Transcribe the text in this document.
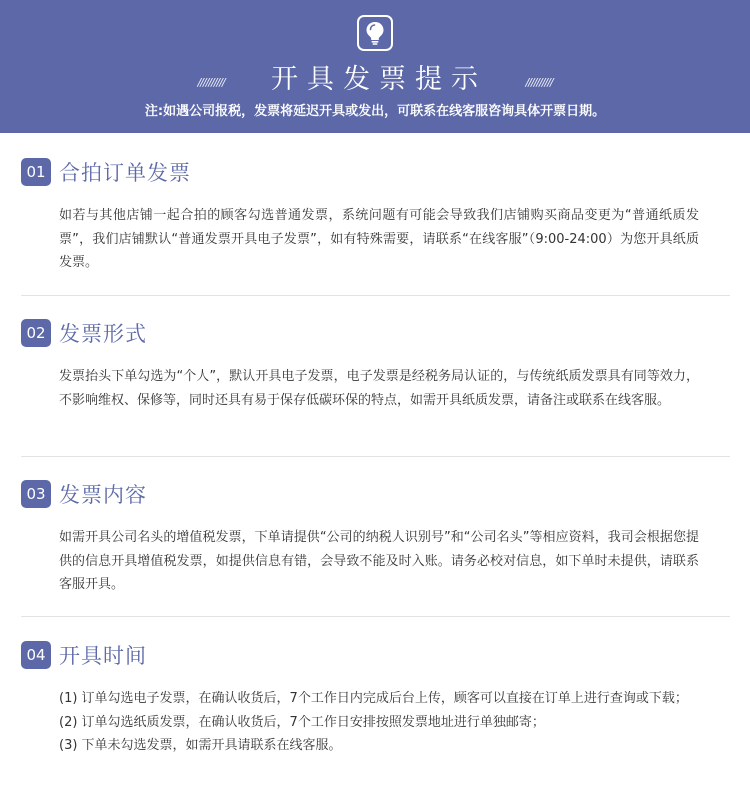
//////////	开具发票提示	//////////
注:如遇公司报税，发票将延迟开具或发出，可联系在线客服咨询具体开票日期。
01 合拍订单发票

如若与其他店铺一起合拍的顾客勾选普通发票，系统问题有可能会导致我们店铺购买商品变更为“普通纸质发票”，我们店铺默认“普通发票开具电子发票”，如有特殊需要，请联系“在线客服”（9:00-24:00）为您开具纸质发票。

02 发票形式

发票抬头下单勾选为“个人”，默认开具电子发票，电子发票是经税务局认证的，与传统纸质发票具有同等效力，不影响维权、保修等，同时还具有易于保存低碳环保的特点，如需开具纸质发票，请备注或联系在线客服。

03 发票内容

如需开具公司名头的增值税发票，下单请提供“公司的纳税人识别号”和“公司名头”等相应资料，我司会根据您提供的信息开具增值税发票，如提供信息有错，会导致不能及时入账。请务必校对信息，如下单时未提供，请联系客服开具。

04 开具时间

(1) 订单勾选电子发票，在确认收货后，7个工作日内完成后台上传，顾客可以直接在订单上进行查询或下载；

(2) 订单勾选纸质发票，在确认收货后，7个工作日安排按照发票地址进行单独邮寄；

(3) 下单未勾选发票，如需开具请联系在线客服。
